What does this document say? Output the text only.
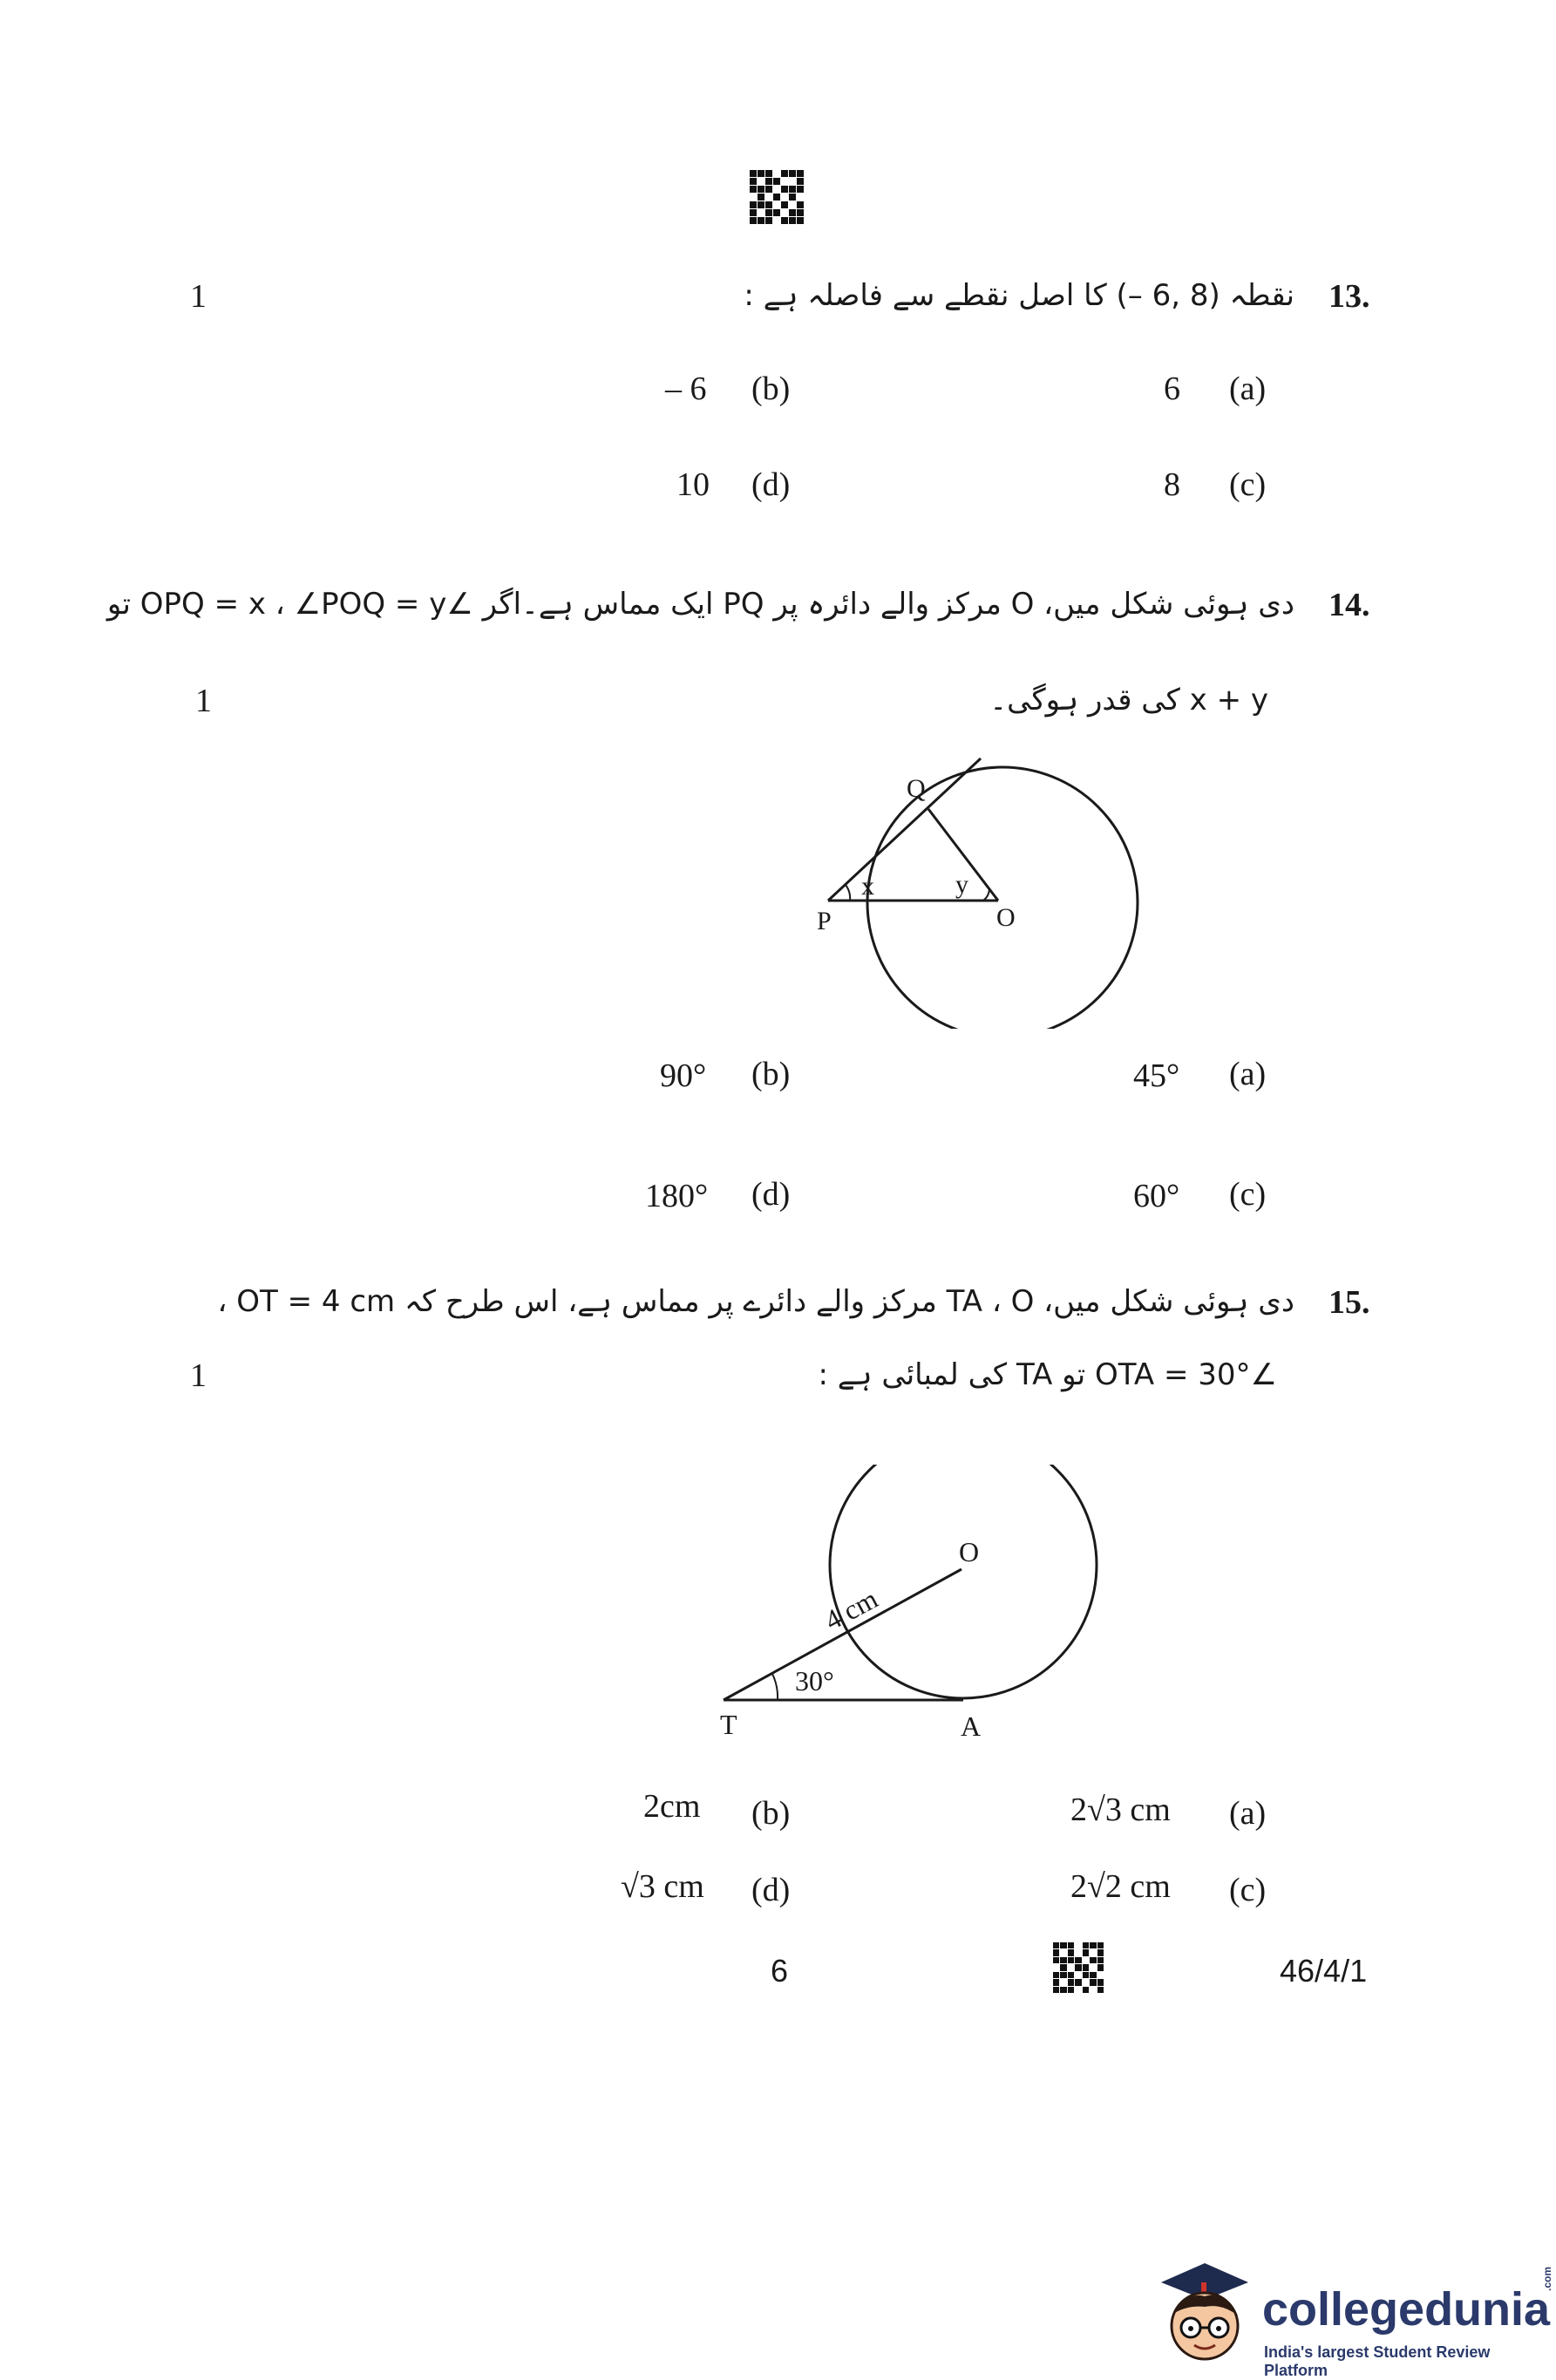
13.
نقطہ (‎– 6, 8‎) کا اصل نقطے سے فاصلہ ہے :
1
(a)
6
(b)
– 6
(c)
8
(d)
10
14.
دی ہوئی شکل میں، O مرکز والے دائرہ پر PQ ایک مماس ہے۔اگر ∠OPQ = x ، ∠POQ = y تو
x + y کی قدر ہوگی۔
1
Q
x	y
P	O
(a)
45°
(b)
90°
(c)
60°
(d)
180°
15.
دی ہوئی شکل میں، TA ، O مرکز والے دائرے پر مماس ہے، اس طرح کہ OT = 4 cm ،
∠OTA = 30° تو TA کی لمبائی ہے :
1
O
4 cm
30°
T	A
(a)
2√3 cm
(b)
2cm
(c)
2√2 cm
(d)
√3 cm
6	46/4/1
collegedunia
.com
India's largest Student Review Platform
